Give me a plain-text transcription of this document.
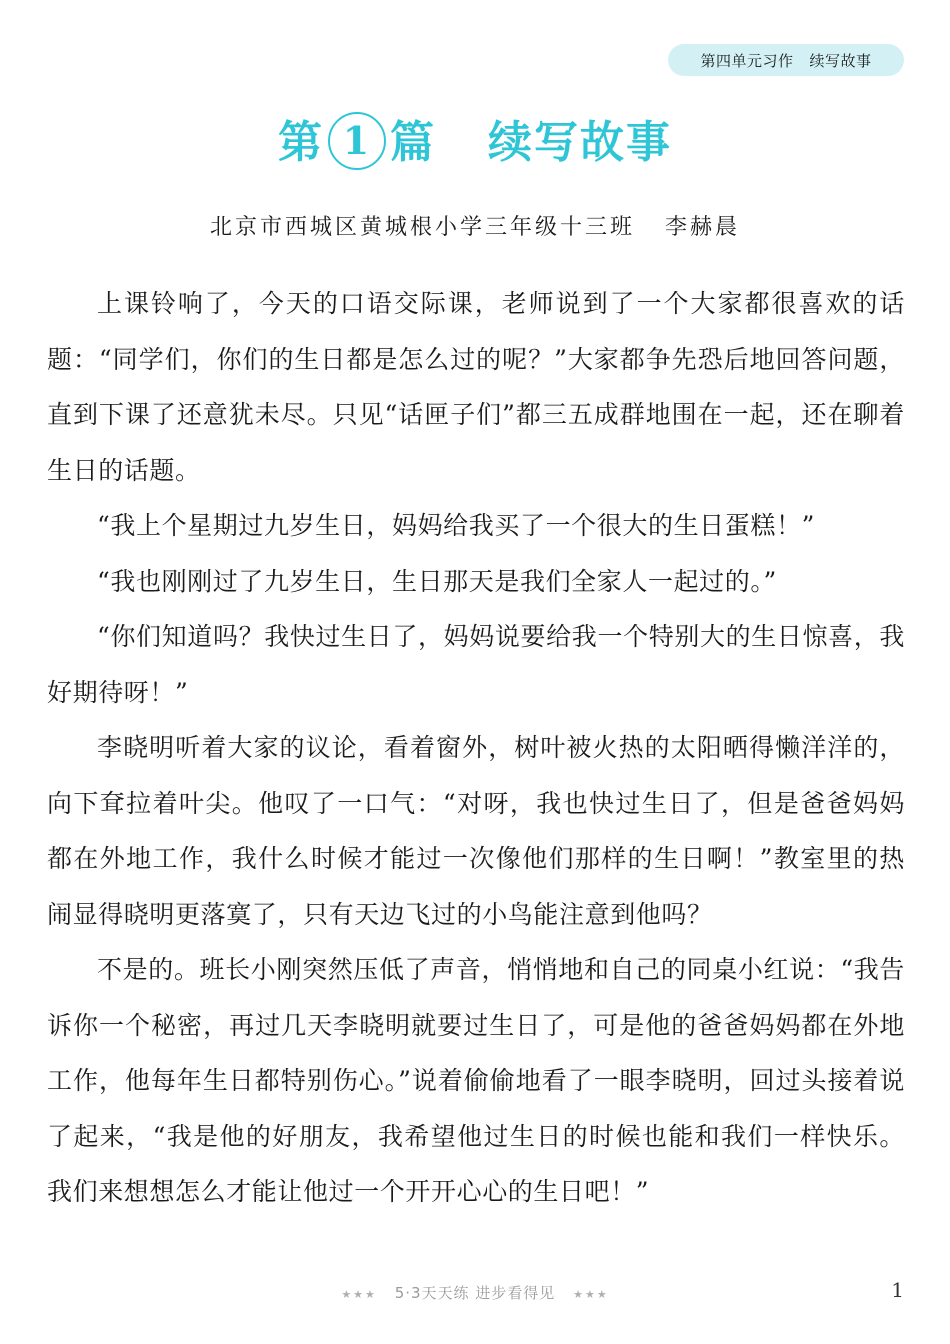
第四单元习作 续写故事
第 1 篇 续写故事
北京市西城区黄城根小学三年级十三班 李赫晨

上课铃响了，今天的口语交际课，老师说到了一个大家都很喜欢的话题：“同学们，你们的生日都是怎么过的呢？”大家都争先恐后地回答问题，直到下课了还意犹未尽。只见“话匣子们”都三五成群地围在一起，还在聊着生日的话题。

“我上个星期过九岁生日，妈妈给我买了一个很大的生日蛋糕！”

“我也刚刚过了九岁生日，生日那天是我们全家人一起过的。”

“你们知道吗？我快过生日了，妈妈说要给我一个特别大的生日惊喜，我好期待呀！”

李晓明听着大家的议论，看着窗外，树叶被火热的太阳晒得懒洋洋的，向下耷拉着叶尖。他叹了一口气：“对呀，我也快过生日了，但是爸爸妈妈都在外地工作，我什么时候才能过一次像他们那样的生日啊！”教室里的热闹显得晓明更落寞了，只有天边飞过的小鸟能注意到他吗？

不是的。班长小刚突然压低了声音，悄悄地和自己的同桌小红说：“我告诉你一个秘密，再过几天李晓明就要过生日了，可是他的爸爸妈妈都在外地工作，他每年生日都特别伤心。”说着偷偷地看了一眼李晓明，回过头接着说了起来，“我是他的好朋友，我希望他过生日的时候也能和我们一样快乐。我们来想想怎么才能让他过一个开开心心的生日吧！”

★★★ 5·3天天练 进步看得见 ★★★	1
